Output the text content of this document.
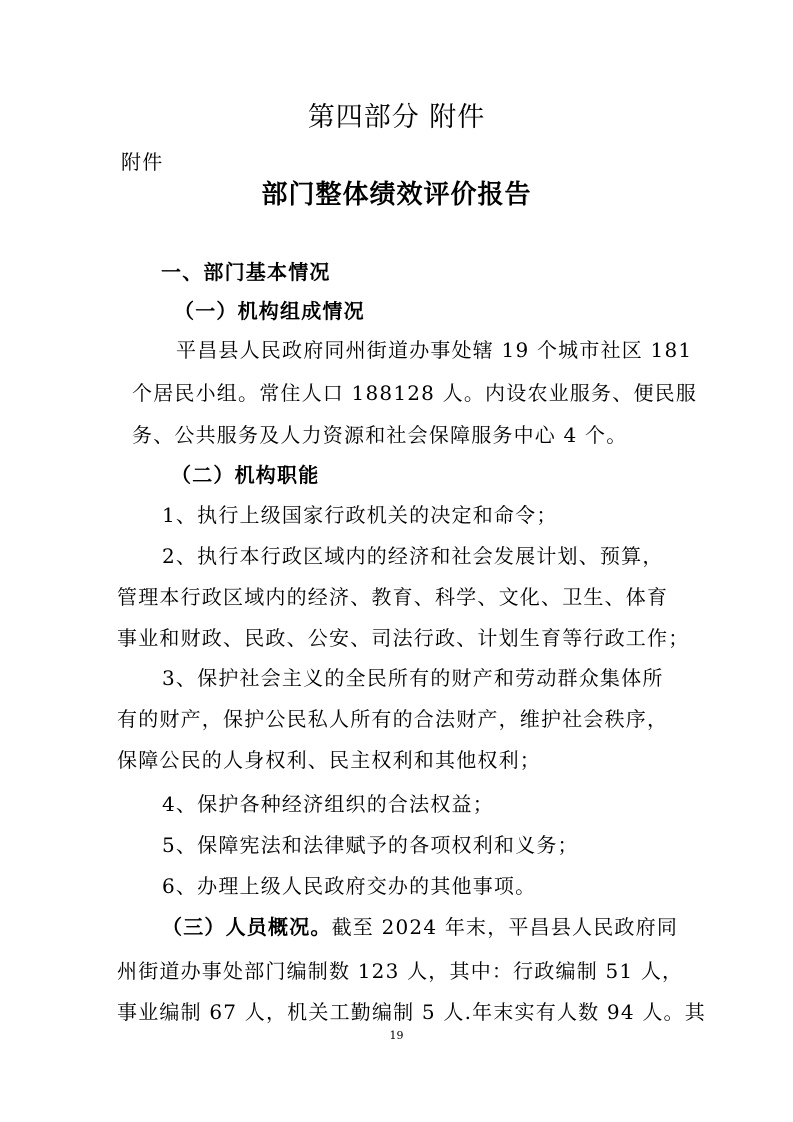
第四部分 附件
附件
部门整体绩效评价报告
一、部门基本情况
（一）机构组成情况
平昌县人民政府同州街道办事处辖 19 个城市社区 181
个居民小组。常住人口 188128 人。内设农业服务、便民服
务、公共服务及人力资源和社会保障服务中心 4 个。
（二）机构职能
1、执行上级国家行政机关的决定和命令；
2、执行本行政区域内的经济和社会发展计划、预算，
管理本行政区域内的经济、教育、科学、文化、卫生、体育
事业和财政、民政、公安、司法行政、计划生育等行政工作；
3、保护社会主义的全民所有的财产和劳动群众集体所
有的财产，保护公民私人所有的合法财产，维护社会秩序，
保障公民的人身权利、民主权利和其他权利；
4、保护各种经济组织的合法权益；
5、保障宪法和法律赋予的各项权利和义务；
6、办理上级人民政府交办的其他事项。
（三）人员概况。截至 2024 年末，平昌县人民政府同
州街道办事处部门编制数 123 人，其中：行政编制 51 人，
事业编制 67 人，机关工勤编制 5 人.年末实有人数 94 人。其
19
